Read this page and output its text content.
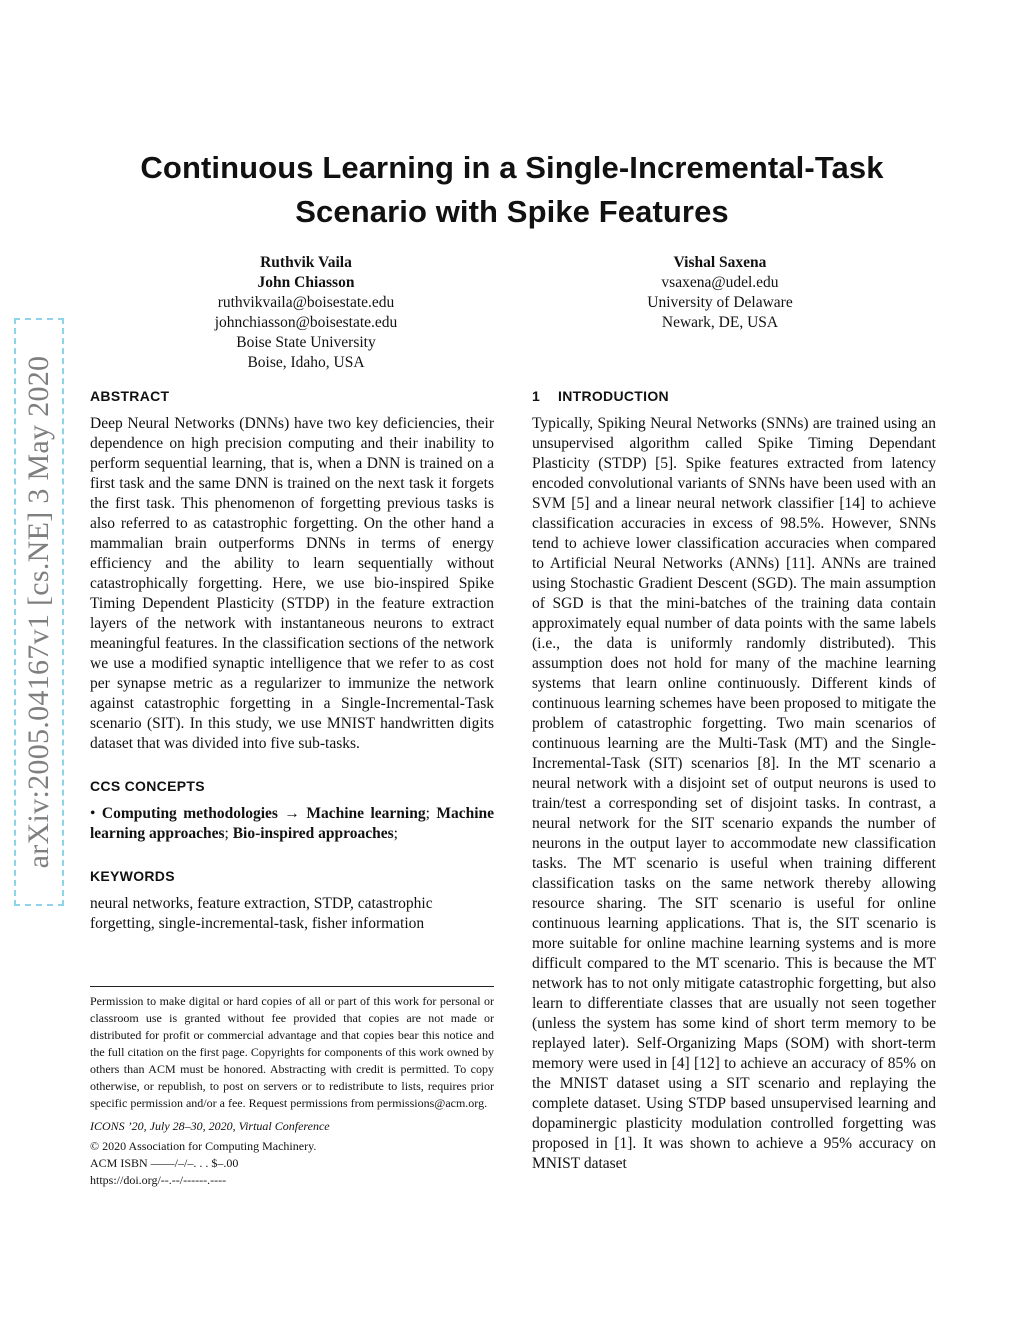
Continuous Learning in a Single-Incremental-Task
Scenario with Spike Features
Ruthvik Vaila
John Chiasson
ruthvikvaila@boisestate.edu
johnchiasson@boisestate.edu
Boise State University
Boise, Idaho, USA
Vishal Saxena
vsaxena@udel.edu
University of Delaware
Newark, DE, USA
arXiv:2005.04167v1 [cs.NE] 3 May 2020	ABSTRACT

Deep Neural Networks (DNNs) have two key deficiencies, their dependence on high precision computing and their inability to perform sequential learning, that is, when a DNN is trained on a first task and the same DNN is trained on the next task it forgets the first task. This phenomenon of forgetting previous tasks is also referred to as catastrophic forgetting. On the other hand a mammalian brain outperforms DNNs in terms of energy efficiency and the ability to learn sequentially without catastrophically forgetting. Here, we use bio-inspired Spike Timing Dependent Plasticity (STDP) in the feature extraction layers of the network with instantaneous neurons to extract meaningful features. In the classification sections of the network we use a modified synaptic intelligence that we refer to as cost per synapse metric as a regularizer to immunize the network against catastrophic forgetting in a Single-Incremental-Task scenario (SIT). In this study, we use MNIST handwritten digits dataset that was divided into five sub-tasks.

CCS CONCEPTS

• Computing methodologies → Machine learning; Machine learning approaches; Bio-inspired approaches;

KEYWORDS

neural networks, feature extraction, STDP, catastrophic forgetting, single-incremental-task, fisher information

Permission to make digital or hard copies of all or part of this work for personal or classroom use is granted without fee provided that copies are not made or distributed for profit or commercial advantage and that copies bear this notice and the full citation on the first page. Copyrights for components of this work owned by others than ACM must be honored. Abstracting with credit is permitted. To copy otherwise, or republish, to post on servers or to redistribute to lists, requires prior specific permission and/or a fee. Request permissions from permissions@acm.org.

ICONS ’20, July 28–30, 2020, Virtual Conference

© 2020 Association for Computing Machinery.

ACM ISBN ——/–/–. . . $–.00

https://doi.org/--.--/------.----

1 INTRODUCTION

Typically, Spiking Neural Networks (SNNs) are trained using an unsupervised algorithm called Spike Timing Dependant Plasticity (STDP) [5]. Spike features extracted from latency encoded convolutional variants of SNNs have been used with an SVM [5] and a linear neural network classifier [14] to achieve classification accuracies in excess of 98.5%. However, SNNs tend to achieve lower classification accuracies when compared to Artificial Neural Networks (ANNs) [11]. ANNs are trained using Stochastic Gradient Descent (SGD). The main assumption of SGD is that the mini-batches of the training data contain approximately equal number of data points with the same labels (i.e., the data is uniformly randomly distributed). This assumption does not hold for many of the machine learning systems that learn online continuously. Different kinds of continuous learning schemes have been proposed to mitigate the problem of catastrophic forgetting. Two main scenarios of continuous learning are the Multi-Task (MT) and the Single-Incremental-Task (SIT) scenarios [8]. In the MT scenario a neural network with a disjoint set of output neurons is used to train/test a corresponding set of disjoint tasks. In contrast, a neural network for the SIT scenario expands the number of neurons in the output layer to accommodate new classification tasks. The MT scenario is useful when training different classification tasks on the same network thereby allowing resource sharing. The SIT scenario is useful for online continuous learning applications. That is, the SIT scenario is more suitable for online machine learning systems and is more difficult compared to the MT scenario. This is because the MT network has to not only mitigate catastrophic forgetting, but also learn to differentiate classes that are usually not seen together (unless the system has some kind of short term memory to be replayed later). Self-Organizing Maps (SOM) with short-term memory were used in [4] [12] to achieve an accuracy of 85% on the MNIST dataset using a SIT scenario and replaying the complete dataset. Using STDP based unsupervised learning and dopaminergic plasticity modulation controlled forgetting was proposed in [1]. It was shown to achieve a 95% accuracy on MNIST dataset
